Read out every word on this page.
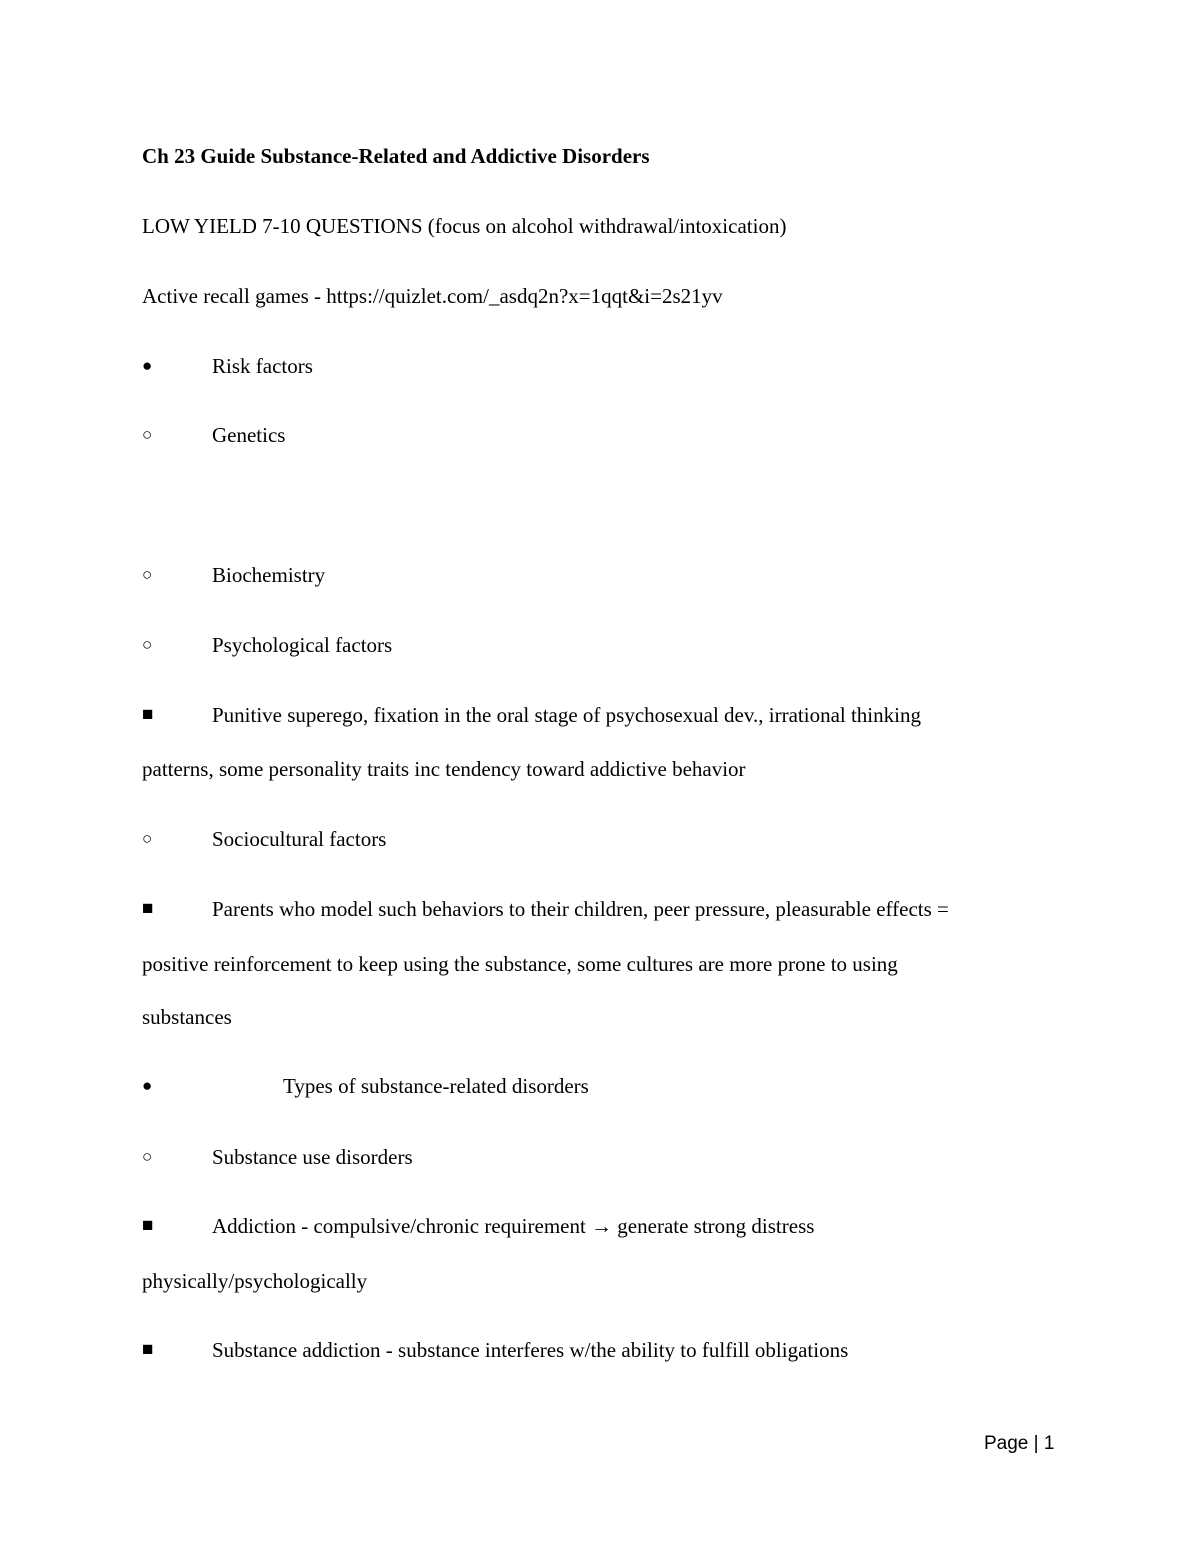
Ch 23 Guide Substance-Related and Addictive Disorders
LOW YIELD 7-10 QUESTIONS (focus on alcohol withdrawal/intoxication)
Active recall games - https://quizlet.com/_asdq2n?x=1qqt&i=2s21yv
●	Risk factors
○	Genetics
○	Biochemistry
○	Psychological factors
■	Punitive superego, fixation in the oral stage of psychosexual dev., irrational thinking
patterns, some personality traits inc tendency toward addictive behavior
○	Sociocultural factors
■	Parents who model such behaviors to their children, peer pressure, pleasurable effects =
positive reinforcement to keep using the substance, some cultures are more prone to using
substances
●	Types of substance-related disorders
○	Substance use disorders
■	Addiction - compulsive/chronic requirement → generate strong distress
physically/psychologically
■	Substance addiction - substance interferes w/the ability to fulfill obligations
Page | 1
